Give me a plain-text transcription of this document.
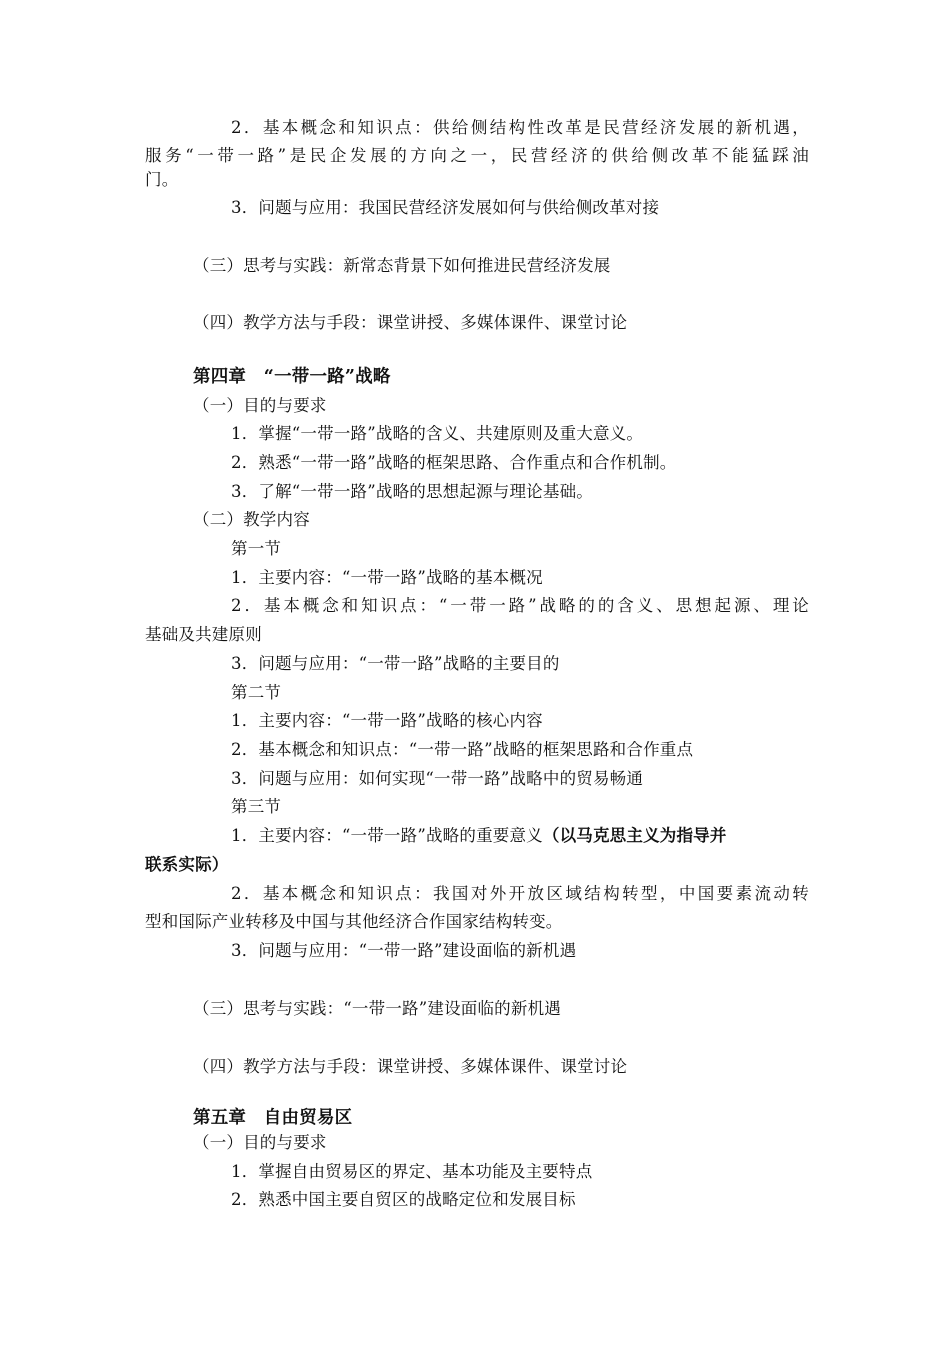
2．基本概念和知识点：供给侧结构性改革是民营经济发展的新机遇，
服务“一带一路”是民企发展的方向之一，民营经济的供给侧改革不能猛踩油
门。
3．问题与应用：我国民营经济发展如何与供给侧改革对接
（三）思考与实践：新常态背景下如何推进民营经济发展
（四）教学方法与手段：课堂讲授、多媒体课件、课堂讨论
第四章　“一带一路”战略
（一）目的与要求
1．掌握“一带一路”战略的含义、共建原则及重大意义。
2．熟悉“一带一路”战略的框架思路、合作重点和合作机制。
3．了解“一带一路”战略的思想起源与理论基础。
（二）教学内容
第一节
1．主要内容：“一带一路”战略的基本概况
2．基本概念和知识点：“一带一路”战略的的含义、思想起源、理论
基础及共建原则
3．问题与应用：“一带一路”战略的主要目的
第二节
1．主要内容：“一带一路”战略的核心内容
2．基本概念和知识点：“一带一路”战略的框架思路和合作重点
3．问题与应用：如何实现“一带一路”战略中的贸易畅通
第三节
1．主要内容：“一带一路”战略的重要意义（以马克思主义为指导并
联系实际）
2．基本概念和知识点：我国对外开放区域结构转型，中国要素流动转
型和国际产业转移及中国与其他经济合作国家结构转变。
3．问题与应用：“一带一路”建设面临的新机遇
（三）思考与实践：“一带一路”建设面临的新机遇
（四）教学方法与手段：课堂讲授、多媒体课件、课堂讨论
第五章　自由贸易区
（一）目的与要求
1．掌握自由贸易区的界定、基本功能及主要特点
2．熟悉中国主要自贸区的战略定位和发展目标
